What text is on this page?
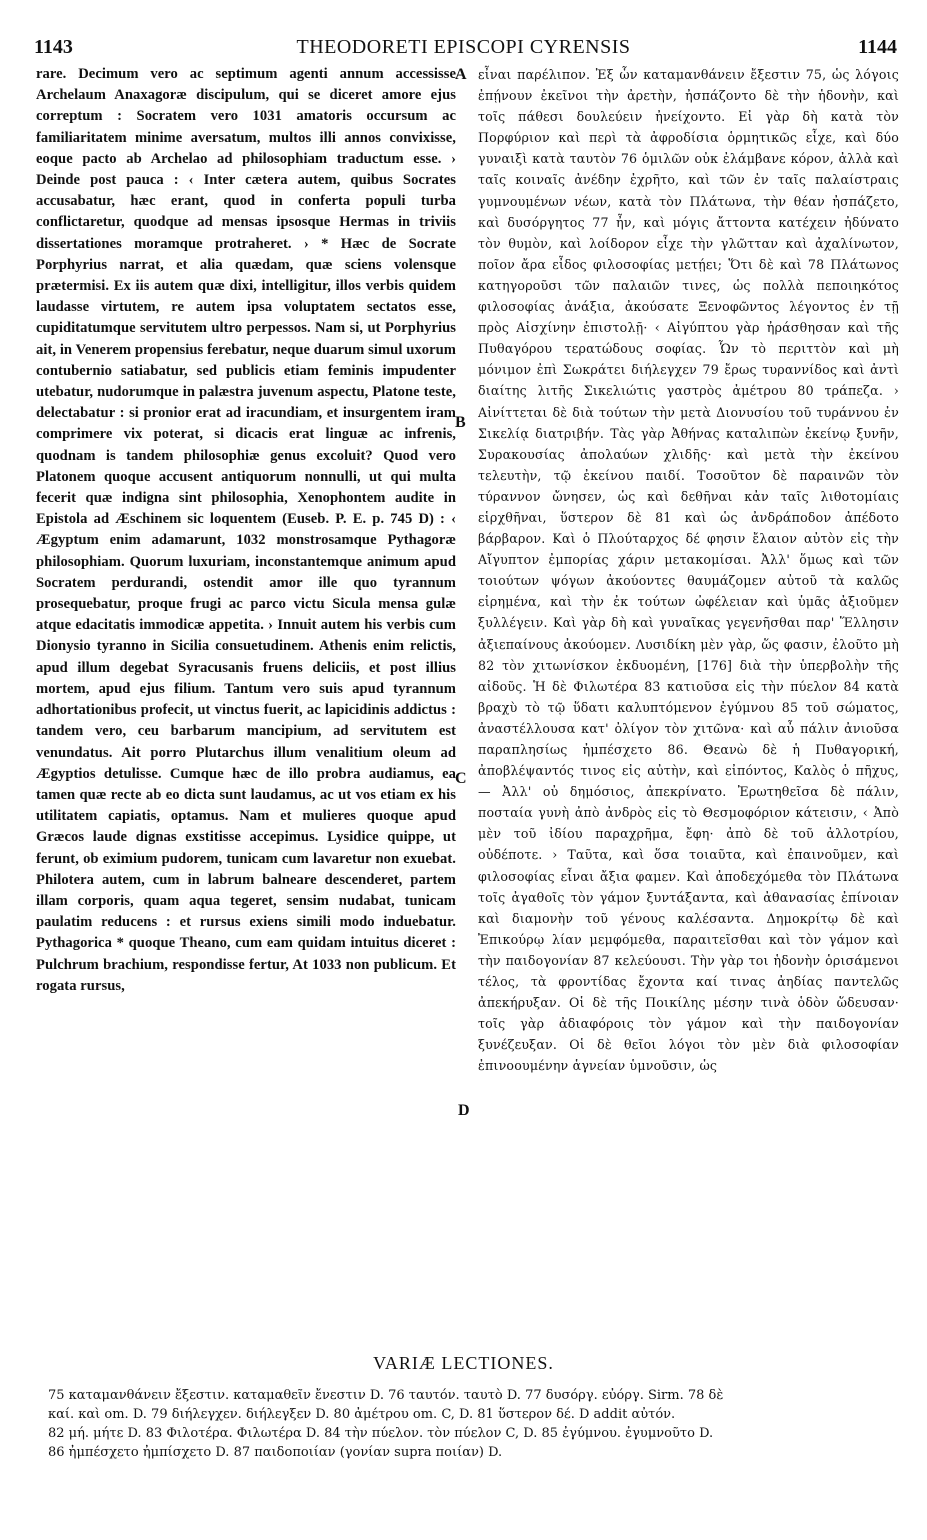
1143	THEODORETI EPISCOPI CYRENSIS	1144

rare. Decimum vero ac septimum agenti annum accessisse Archelaum Anaxagoræ discipulum, qui se diceret amore ejus correptum : Socratem vero 1031 amatoris occursum ac familiaritatem minime aversatum, multos illi annos convixisse, eoque pacto ab Archelao ad philosophiam traductum esse. › Deinde post pauca : ‹ Inter cætera autem, quibus Socrates accusabatur, hæc erant, quod in conferta populi turba conflictaretur, quodque ad mensas ipsosque Hermas in triviis dissertationes moramque protraheret. › * Hæc de Socrate Porphyrius narrat, et alia quædam, quæ sciens volensque prætermisi. Ex iis autem quæ dixi, intelligitur, illos verbis quidem laudasse virtutem, re autem ipsa voluptatem sectatos esse, cupiditatumque servitutem ultro perpessos. Nam si, ut Porphyrius ait, in Venerem propensius ferebatur, neque duarum simul uxorum contubernio satiabatur, sed publicis etiam feminis impudenter utebatur, nudorumque in palæstra juvenum aspectu, Platone teste, delectabatur : si pronior erat ad iracundiam, et insurgentem iram comprimere vix poterat, si dicacis erat linguæ ac infrenis, quodnam is tandem philosophiæ genus excoluit? Quod vero Platonem quoque accusent antiquorum nonnulli, ut qui multa fecerit quæ indigna sint philosophia, Xenophontem audite in Epistola ad Æschinem sic loquentem (Euseb. P. E. p. 745 D) : ‹ Ægyptum enim adamarunt, 1032 monstrosamque Pythagoræ philosophiam. Quorum luxuriam, inconstantemque animum apud Socratem perdurandi, ostendit amor ille quo tyrannum prosequebatur, proque frugi ac parco victu Sicula mensa gulæ atque edacitatis immodicæ appetita. › Innuit autem his verbis cum Dionysio tyranno in Sicilia consuetudinem. Athenis enim relictis, apud illum degebat Syracusanis fruens deliciis, et post illius mortem, apud ejus filium. Tantum vero suis apud tyrannum adhortationibus profecit, ut vinctus fuerit, ac lapicidinis addictus : tandem vero, ceu barbarum mancipium, ad servitutem est venundatus. Ait porro Plutarchus illum venalitium oleum ad Ægyptios detulisse. Cumque hæc de illo probra audiamus, ea tamen quæ recte ab eo dicta sunt laudamus, ac ut vos etiam ex his utilitatem capiatis, optamus. Nam et mulieres quoque apud Græcos laude dignas exstitisse accepimus. Lysidice quippe, ut ferunt, ob eximium pudorem, tunicam cum lavaretur non exuebat. Philotera autem, cum in labrum balneare descenderet, partem illam corporis, quam aqua tegeret, sensim nudabat, tunicam paulatim reducens : et rursus exiens simili modo induebatur. Pythagorica * quoque Theano, cum eam quidam intuitus diceret : Pulchrum brachium, respondisse fertur, At 1033 non publicum. Et rogata rursus,

A
B
C
D

εἶναι παρέλιπον. Ἐξ ὧν καταμανθάνειν ἔξεστιν 75, ὡς λόγοις ἐπῄνουν ἐκεῖνοι τὴν ἀρετὴν, ἠσπάζοντο δὲ τὴν ἡδονὴν, καὶ τοῖς πάθεσι δουλεύειν ἠνείχοντο. Εἰ γὰρ δὴ κατὰ τὸν Πορφύριον καὶ περὶ τὰ ἀφροδίσια ὁρμητικῶς εἶχε, καὶ δύο γυναιξὶ κατὰ ταυτὸν 76 ὁμιλῶν οὐκ ἐλάμβανε κόρον, ἀλλὰ καὶ ταῖς κοιναῖς ἀνέδην ἐχρῆτο, καὶ τῶν ἐν ταῖς παλαίστραις γυμνουμένων νέων, κατὰ τὸν Πλάτωνα, τὴν θέαν ἠσπάζετο, καὶ δυσόργητος 77 ἦν, καὶ μόγις ἄττοντα κατέχειν ἠδύνατο τὸν θυμὸν, καὶ λοίδορον εἶχε τὴν γλῶτταν καὶ ἀχαλίνωτον, ποῖον ἄρα εἶδος φιλοσοφίας μετῄει; Ὅτι δὲ καὶ 78 Πλάτωνος κατηγοροῦσι τῶν παλαιῶν τινες, ὡς πολλὰ πεποιηκότος φιλοσοφίας ἀνάξια, ἀκούσατε Ξενοφῶντος λέγοντος ἐν τῇ πρὸς Αἰσχίνην ἐπιστολῇ· ‹ Αἰγύπτου γὰρ ἠράσθησαν καὶ τῆς Πυθαγόρου τερατώδους σοφίας. Ὧν τὸ περιττὸν καὶ μὴ μόνιμον ἐπὶ Σωκράτει διήλεγχεν 79 ἔρως τυραννίδος καὶ ἀντὶ διαίτης λιτῆς Σικελιώτις γαστρὸς ἀμέτρου 80 τράπεζα. › Αἰνίττεται δὲ διὰ τούτων τὴν μετὰ Διονυσίου τοῦ τυράννου ἐν Σικελίᾳ διατριβήν. Τὰς γὰρ Ἀθήνας καταλιπὼν ἐκείνῳ ξυνῆν, Συρακουσίας ἀπολαύων χλιδῆς· καὶ μετὰ τὴν ἐκείνου τελευτὴν, τῷ ἐκείνου παιδί. Τοσοῦτον δὲ παραινῶν τὸν τύραννον ὤνησεν, ὡς καὶ δεθῆναι κἀν ταῖς λιθοτομίαις εἱρχθῆναι, ὕστερον δὲ 81 καὶ ὡς ἀνδράποδον ἀπέδοτο βάρβαρον. Καὶ ὁ Πλούταρχος δέ φησιν ἔλαιον αὐτὸν εἰς τὴν Αἴγυπτον ἐμπορίας χάριν μετακομίσαι. Ἀλλ' ὅμως καὶ τῶν τοιούτων ψόγων ἀκούοντες θαυμάζομεν αὐτοῦ τὰ καλῶς εἰρημένα, καὶ τὴν ἐκ τούτων ὠφέλειαν καὶ ὑμᾶς ἀξιοῦμεν ξυλλέγειν. Καὶ γὰρ δὴ καὶ γυναῖκας γεγενῆσθαι παρ' Ἕλλησιν ἀξιεπαίνους ἀκούομεν. Λυσιδίκη μὲν γὰρ, ὥς φασιν, ἐλοῦτο μὴ 82 τὸν χιτωνίσκον ἐκδυομένη, [176] διὰ τὴν ὑπερβολὴν τῆς αἰδοῦς. Ἡ δὲ Φιλωτέρα 83 κατιοῦσα εἰς τὴν πύελον 84 κατὰ βραχὺ τὸ τῷ ὕδατι καλυπτόμενον ἐγύμνου 85 τοῦ σώματος, ἀναστέλλουσα κατ' ὀλίγον τὸν χιτῶνα· καὶ αὖ πάλιν ἀνιοῦσα παραπλησίως ἠμπέσχετο 86. Θεανὼ δὲ ἡ Πυθαγορική, ἀποβλέψαντός τινος εἰς αὐτὴν, καὶ εἰπόντος, Καλὸς ὁ πῆχυς, — Ἀλλ' οὐ δημόσιος, ἀπεκρίνατο. Ἐρωτηθεῖσα δὲ πάλιν, ποσταία γυνὴ ἀπὸ ἀνδρὸς εἰς τὸ Θεσμοφόριον κάτεισιν, ‹ Ἀπὸ μὲν τοῦ ἰδίου παραχρῆμα, ἔφη· ἀπὸ δὲ τοῦ ἀλλοτρίου, οὐδέποτε. › Ταῦτα, καὶ ὅσα τοιαῦτα, καὶ ἐπαινοῦμεν, καὶ φιλοσοφίας εἶναι ἄξια φαμεν. Καὶ ἀποδεχόμεθα τὸν Πλάτωνα τοῖς ἀγαθοῖς τὸν γάμον ξυντάξαντα, καὶ ἀθανασίας ἐπίνοιαν καὶ διαμονὴν τοῦ γένους καλέσαντα. Δημοκρίτῳ δὲ καὶ Ἐπικούρῳ λίαν μεμφόμεθα, παραιτεῖσθαι καὶ τὸν γάμον καὶ τὴν παιδογονίαν 87 κελεύουσι. Τὴν γὰρ τοι ἡδονὴν ὁρισάμενοι τέλος, τὰ φροντίδας ἔχοντα καί τινας ἀηδίας παντελῶς ἀπεκήρυξαν. Οἱ δὲ τῆς Ποικίλης μέσην τινὰ ὁδὸν ὥδευσαν· τοῖς γὰρ ἀδιαφόροις τὸν γάμον καὶ τὴν παιδογονίαν ξυνέζευξαν. Οἱ δὲ θεῖοι λόγοι τὸν μὲν διὰ φιλοσοφίαν ἐπινοουμένην ἁγνείαν ὑμνοῦσιν, ὡς

VARIÆ LECTIONES.

75 καταμανθάνειν ἔξεστιν. καταμαθεῖν ἔνεστιν D. 76 ταυτόν. ταυτὸ D. 77 δυσόργ. εὐόργ. Sirm. 78 δὲ

καί. καὶ om. D. 79 διήλεγχεν. διήλεγξεν D. 80 ἀμέτρου om. C, D. 81 ὕστερον δέ. D addit αὐτόν.

82 μή. μήτε D. 83 Φιλοτέρα. Φιλωτέρα D. 84 τὴν πύελον. τὸν πύελον C, D. 85 ἐγύμνου. ἐγυμνοῦτο D.

86 ἠμπέσχετο ἠμπίσχετο D. 87 παιδοποιίαν (γονίαν supra ποιίαν) D.
